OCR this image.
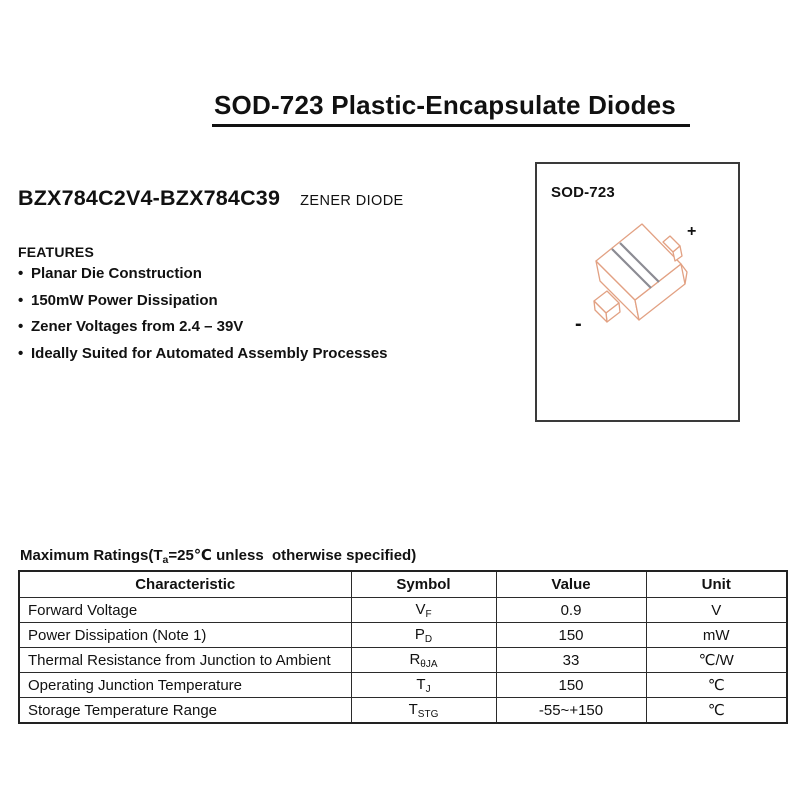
SOD-723 Plastic-Encapsulate Diodes
BZX784C2V4-BZX784C39 ZENER DIODE
FEATURES
• Planar Die Construction
• 150mW Power Dissipation
• Zener Voltages from 2.4 – 39V
• Ideally Suited for Automated Assembly Processes
SOD-723
+
-
Maximum $Ratings(T_a=25℃$ unless  otherwise specified)
Characteristic	Symbol	Value	Unit
Forward Voltage	$V_F$	0.9	V
Power Dissipation (Note 1)	$P_D$	150	mW
Thermal Resistance from Junction to Ambient	$R_{\theta JA}$	33	℃/W
Operating Junction Temperature	$T_J$	150	℃
Storage Temperature Range	$T_{STG}$	-55~+150	℃
